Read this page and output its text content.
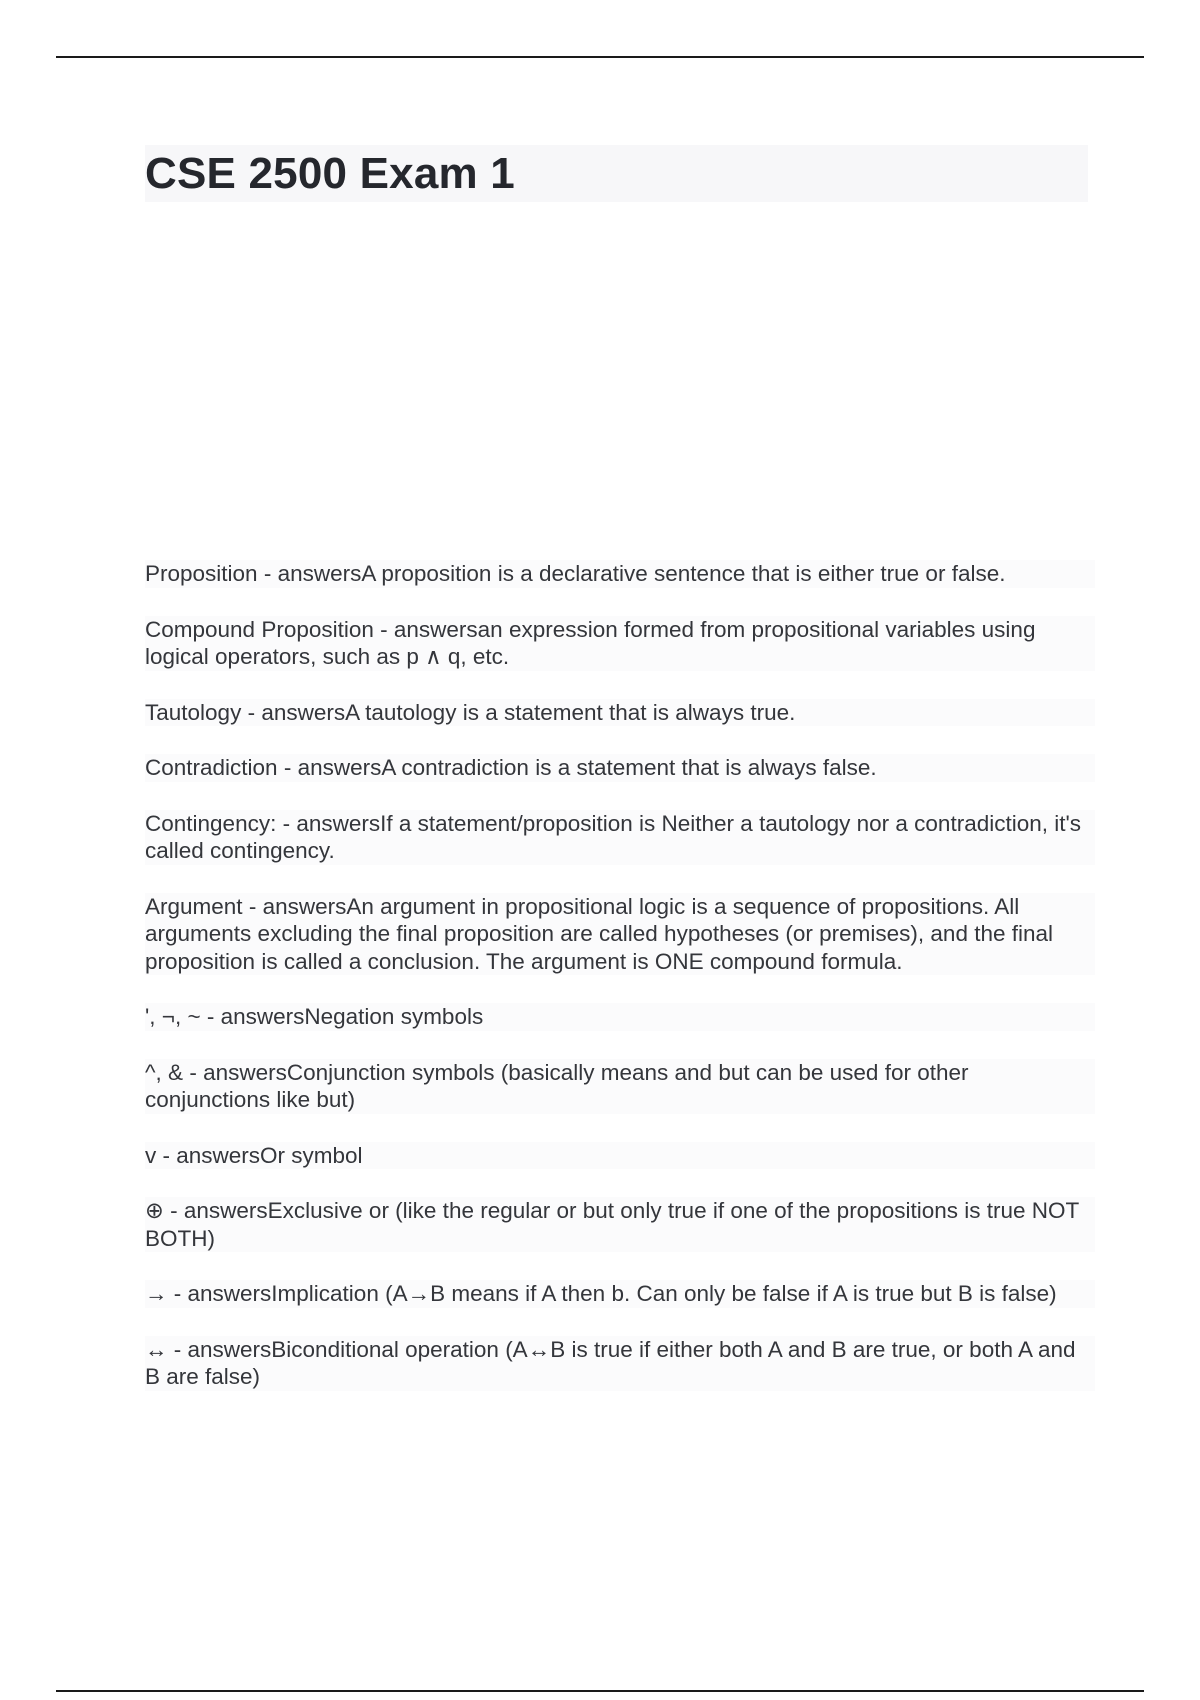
CSE 2500 Exam 1
Proposition - answersA proposition is a declarative sentence that is either true or false.
Compound Proposition - answersan expression formed from propositional variables using logical operators, such as p ∧ q, etc.
Tautology - answersA tautology is a statement that is always true.
Contradiction - answersA contradiction is a statement that is always false.
Contingency: - answersIf a statement/proposition is Neither a tautology nor a contradiction, it's called contingency.
Argument - answersAn argument in propositional logic is a sequence of propositions. All arguments excluding the final proposition are called hypotheses (or premises), and the final proposition is called a conclusion. The argument is ONE compound formula.
', ¬, ~ - answersNegation symbols
^, & - answersConjunction symbols (basically means and but can be used for other conjunctions like but)
v - answersOr symbol
⊕ - answersExclusive or (like the regular or but only true if one of the propositions is true NOT BOTH)
→ - answersImplication (A→B means if A then b. Can only be false if A is true but B is false)
↔ - answersBiconditional operation (A↔B is true if either both A and B are true, or both A and B are false)
